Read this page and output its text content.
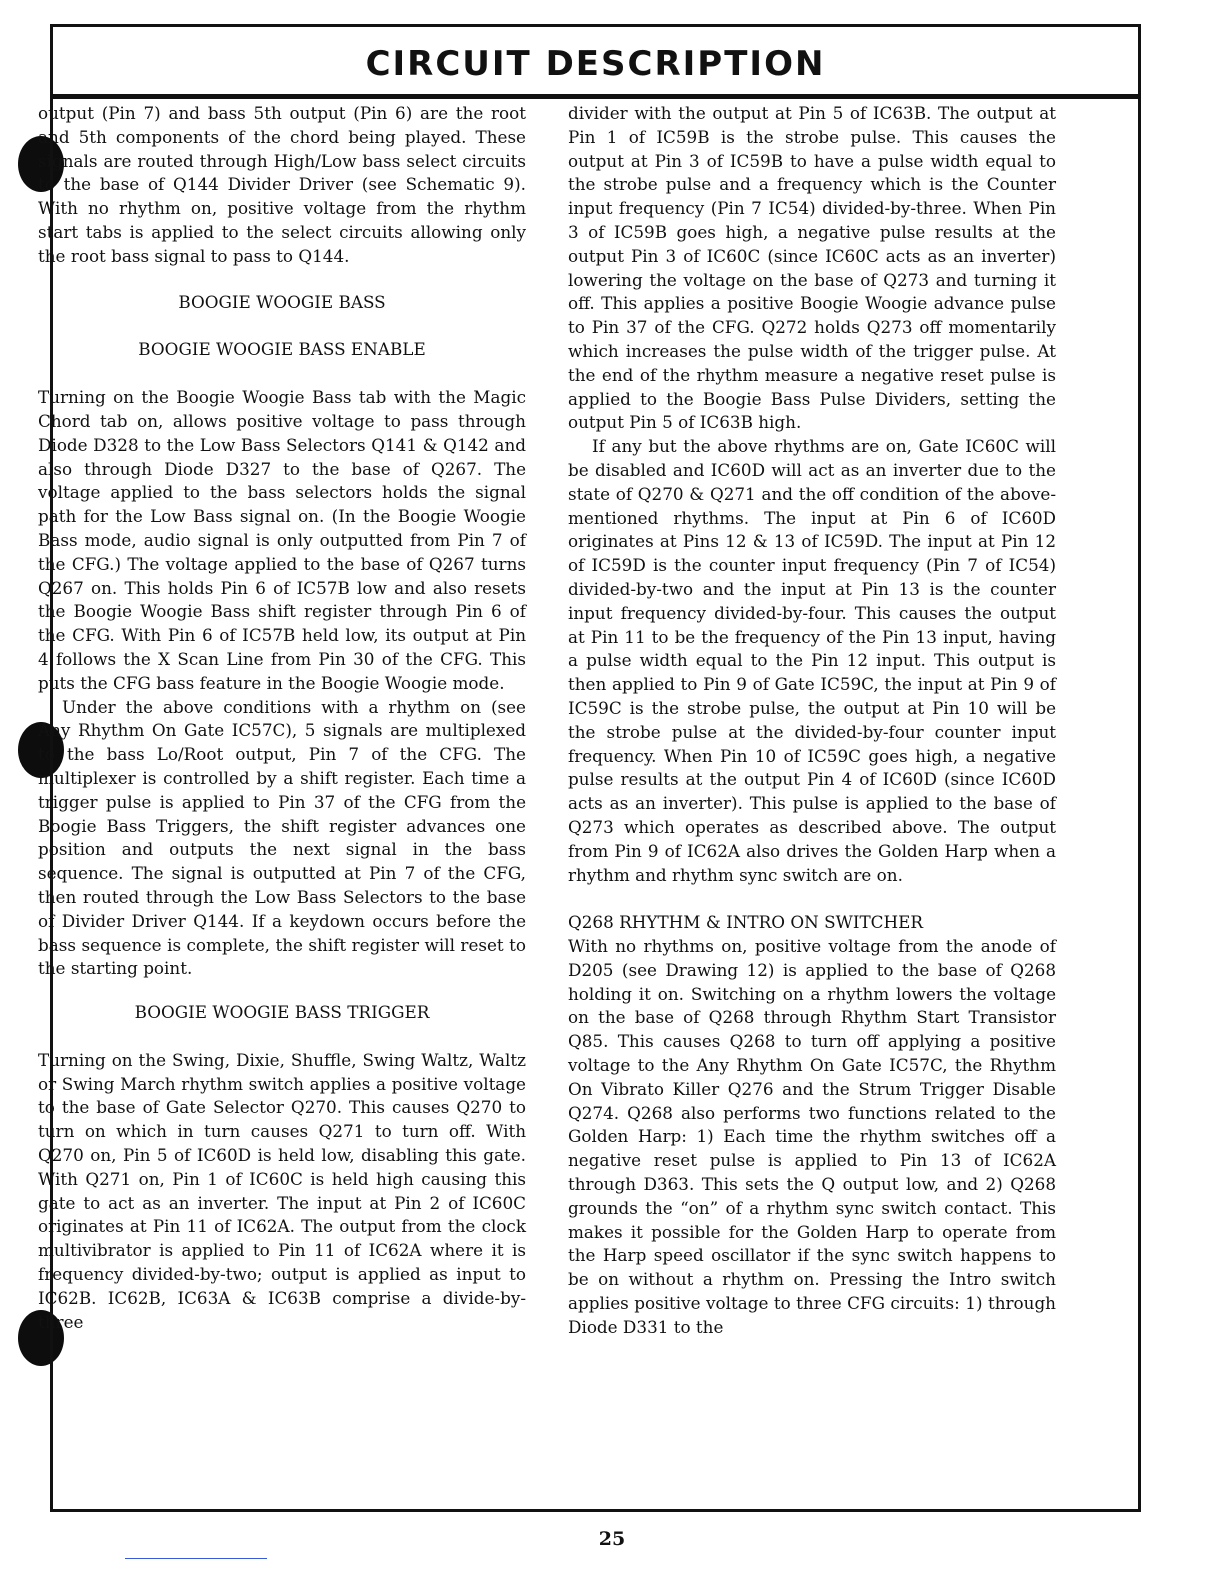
CIRCUIT DESCRIPTION

output (Pin 7) and bass 5th output (Pin 6) are the root and 5th components of the chord being played. These signals are routed through High/Low bass select circuits to the base of Q144 Divider Driver (see Schematic 9). With no rhythm on, positive voltage from the rhythm start tabs is applied to the select circuits allowing only the root bass signal to pass to Q144.

BOOGIE WOOGIE BASS
BOOGIE WOOGIE BASS ENABLE

Turning on the Boogie Woogie Bass tab with the Magic Chord tab on, allows positive voltage to pass through Diode D328 to the Low Bass Selectors Q141 & Q142 and also through Diode D327 to the base of Q267. The voltage applied to the bass selectors holds the signal path for the Low Bass signal on. (In the Boogie Woogie Bass mode, audio signal is only outputted from Pin 7 of the CFG.) The voltage applied to the base of Q267 turns Q267 on. This holds Pin 6 of IC57B low and also resets the Boogie Woogie Bass shift register through Pin 6 of the CFG. With Pin 6 of IC57B held low, its output at Pin 4 follows the X Scan Line from Pin 30 of the CFG. This puts the CFG bass feature in the Boogie Woogie mode.

Under the above conditions with a rhythm on (see Any Rhythm On Gate IC57C), 5 signals are multiplexed to the bass Lo/Root output, Pin 7 of the CFG. The multiplexer is controlled by a shift register. Each time a trigger pulse is applied to Pin 37 of the CFG from the Boogie Bass Triggers, the shift register advances one position and outputs the next signal in the bass sequence. The signal is outputted at Pin 7 of the CFG, then routed through the Low Bass Selectors to the base of Divider Driver Q144. If a keydown occurs before the bass sequence is complete, the shift register will reset to the starting point.

BOOGIE WOOGIE BASS TRIGGER

Turning on the Swing, Dixie, Shuffle, Swing Waltz, Waltz or Swing March rhythm switch applies a positive voltage to the base of Gate Selector Q270. This causes Q270 to turn on which in turn causes Q271 to turn off. With Q270 on, Pin 5 of IC60D is held low, disabling this gate. With Q271 on, Pin 1 of IC60C is held high causing this gate to act as an inverter. The input at Pin 2 of IC60C originates at Pin 11 of IC62A. The output from the clock multivibrator is applied to Pin 11 of IC62A where it is frequency divided-by-two; output is applied as input to IC62B. IC62B, IC63A & IC63B comprise a divide-by-three

divider with the output at Pin 5 of IC63B. The output at Pin 1 of IC59B is the strobe pulse. This causes the output at Pin 3 of IC59B to have a pulse width equal to the strobe pulse and a frequency which is the Counter input frequency (Pin 7 IC54) divided-by-three. When Pin 3 of IC59B goes high, a negative pulse results at the output Pin 3 of IC60C (since IC60C acts as an inverter) lowering the voltage on the base of Q273 and turning it off. This applies a positive Boogie Woogie advance pulse to Pin 37 of the CFG. Q272 holds Q273 off momentarily which increases the pulse width of the trigger pulse. At the end of the rhythm measure a negative reset pulse is applied to the Boogie Bass Pulse Dividers, setting the output Pin 5 of IC63B high.

If any but the above rhythms are on, Gate IC60C will be disabled and IC60D will act as an inverter due to the state of Q270 & Q271 and the off condition of the above-mentioned rhythms. The input at Pin 6 of IC60D originates at Pins 12 & 13 of IC59D. The input at Pin 12 of IC59D is the counter input frequency (Pin 7 of IC54) divided-by-two and the input at Pin 13 is the counter input frequency divided-by-four. This causes the output at Pin 11 to be the frequency of the Pin 13 input, having a pulse width equal to the Pin 12 input. This output is then applied to Pin 9 of Gate IC59C, the input at Pin 9 of IC59C is the strobe pulse, the output at Pin 10 will be the strobe pulse at the divided-by-four counter input frequency. When Pin 10 of IC59C goes high, a negative pulse results at the output Pin 4 of IC60D (since IC60D acts as an inverter). This pulse is applied to the base of Q273 which operates as described above. The output from Pin 9 of IC62A also drives the Golden Harp when a rhythm and rhythm sync switch are on.

Q268 RHYTHM & INTRO ON SWITCHER

With no rhythms on, positive voltage from the anode of D205 (see Drawing 12) is applied to the base of Q268 holding it on. Switching on a rhythm lowers the voltage on the base of Q268 through Rhythm Start Transistor Q85. This causes Q268 to turn off applying a positive voltage to the Any Rhythm On Gate IC57C, the Rhythm On Vibrato Killer Q276 and the Strum Trigger Disable Q274. Q268 also performs two functions related to the Golden Harp: 1) Each time the rhythm switches off a negative reset pulse is applied to Pin 13 of IC62A through D363. This sets the Q output low, and 2) Q268 grounds the “on” of a rhythm sync switch contact. This makes it possible for the Golden Harp to operate from the Harp speed oscillator if the sync switch happens to be on without a rhythm on. Pressing the Intro switch applies positive voltage to three CFG circuits: 1) through Diode D331 to the

25
